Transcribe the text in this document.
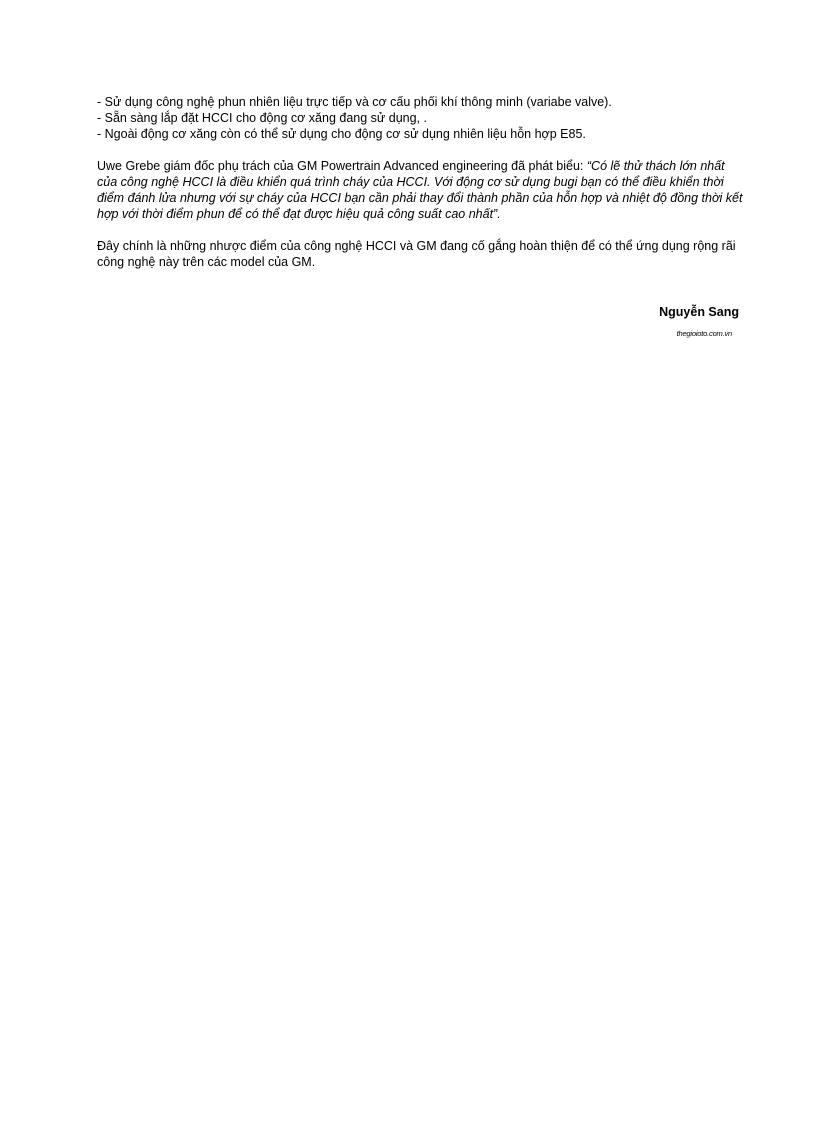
- Sử dụng công nghệ phun nhiên liệu trực tiếp và cơ cấu phối khí thông minh (variabe valve).
- Sẵn sàng lắp đặt HCCI cho động cơ xăng đang sử dụng, .
- Ngoài động cơ xăng còn có thể sử dụng cho động cơ sử dụng nhiên liệu hỗn hợp E85.

Uwe Grebe giám đốc phụ trách của GM Powertrain Advanced engineering đã phát biểu: “Có lẽ thử thách lớn nhất của công nghệ HCCI là điều khiển quá trình cháy của HCCI. Với động cơ sử dụng bugi bạn có thể điều khiển thời điểm đánh lửa nhưng với sự cháy của HCCI bạn cần phải thay đổi thành phần của hỗn hợp và nhiệt độ đồng thời kết hợp với thời điểm phun để có thể đạt được hiệu quả công suất cao nhất”.

Đây chính là những nhược điểm của công nghệ HCCI và GM đang cố gắng hoàn thiện để có thể ứng dụng rộng rãi công nghệ này trên các model của GM.

Nguyễn Sang
thegioioto.com.vn
